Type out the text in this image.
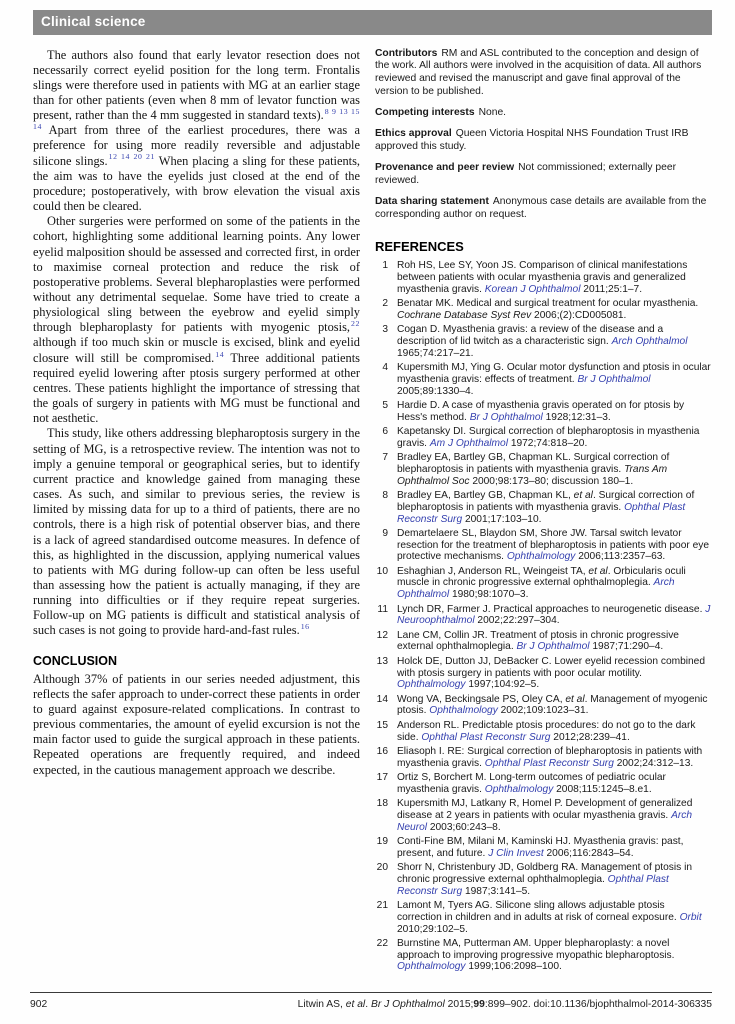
Clinical science

The authors also found that early levator resection does not necessarily correct eyelid position for the long term. Frontalis slings were therefore used in patients with MG at an earlier stage than for other patients (even when 8 mm of levator function was present, rather than the 4 mm suggested in standard texts).$^{8 9 13 15 14}$ Apart from three of the earliest procedures, there was a preference for using more readily reversible and adjustable silicone slings.$^{12 14 20 21}$ When placing a sling for these patients, the aim was to have the eyelids just closed at the end of the procedure; postoperatively, with brow elevation the visual axis could then be cleared.

Other surgeries were performed on some of the patients in the cohort, highlighting some additional learning points. Any lower eyelid malposition should be assessed and corrected first, in order to maximise corneal protection and reduce the risk of postoperative problems. Several blepharoplasties were performed without any detrimental sequelae. Some have tried to create a physiological sling between the eyebrow and eyelid simply through blepharoplasty for patients with myogenic ptosis,$^{22}$ although if too much skin or muscle is excised, blink and eyelid closure will still be compromised.$^{14}$ Three additional patients required eyelid lowering after ptosis surgery performed at other centres. These patients highlight the importance of stressing that the goals of surgery in patients with MG must be functional and not aesthetic.

This study, like others addressing blepharoptosis surgery in the setting of MG, is a retrospective review. The intention was not to imply a genuine temporal or geographical series, but to identify current practice and knowledge gained from managing these cases. As such, and similar to previous series, the review is limited by missing data for up to a third of patients, there are no controls, there is a high risk of potential observer bias, and there is a lack of agreed standardised outcome measures. In defence of this, as highlighted in the discussion, applying numerical values to patients with MG during follow-up can often be less useful than assessing how the patient is actually managing, if they are running into difficulties or if they require repeat surgeries. Follow-up on MG patients is difficult and statistical analysis of such cases is not going to provide hard-and-fast rules.$^{16}$

CONCLUSION

Although 37% of patients in our series needed adjustment, this reflects the safer approach to under-correct these patients in order to guard against exposure-related complications. In contrast to previous commentaries, the amount of eyelid excursion is not the main factor used to guide the surgical approach in these patients. Repeated operations are frequently required, and indeed expected, in the cautious management approach we describe.

Contributors RM and ASL contributed to the conception and design of the work. All authors were involved in the acquisition of data. All authors reviewed and revised the manuscript and gave final approval of the version to be published.

Competing interests None.

Ethics approval Queen Victoria Hospital NHS Foundation Trust IRB approved this study.

Provenance and peer review Not commissioned; externally peer reviewed.

Data sharing statement Anonymous case details are available from the corresponding author on request.

REFERENCES
1 Roh HS, Lee SY, Yoon JS. Comparison of clinical manifestations between patients with ocular myasthenia gravis and generalized myasthenia gravis. Korean J Ophthalmol 2011;25:1–7.
2 Benatar MK. Medical and surgical treatment for ocular myasthenia. Cochrane Database Syst Rev 2006;(2):CD005081.
3 Cogan D. Myasthenia gravis: a review of the disease and a description of lid twitch as a characteristic sign. Arch Ophthalmol 1965;74:217–21.
4 Kupersmith MJ, Ying G. Ocular motor dysfunction and ptosis in ocular myasthenia gravis: effects of treatment. Br J Ophthalmol 2005;89:1330–4.
5 Hardie D. A case of myasthenia gravis operated on for ptosis by Hess's method. Br J Ophthalmol 1928;12:31–3.
6 Kapetansky DI. Surgical correction of blepharoptosis in myasthenia gravis. Am J Ophthalmol 1972;74:818–20.
7 Bradley EA, Bartley GB, Chapman KL. Surgical correction of blepharoptosis in patients with myasthenia gravis. Trans Am Ophthalmol Soc 2000;98:173–80; discussion 180–1.
8 Bradley EA, Bartley GB, Chapman KL, et al. Surgical correction of blepharoptosis in patients with myasthenia gravis. Ophthal Plast Reconstr Surg 2001;17:103–10.
9 Demartelaere SL, Blaydon SM, Shore JW. Tarsal switch levator resection for the treatment of blepharoptosis in patients with poor eye protective mechanisms. Ophthalmology 2006;113:2357–63.
10 Eshaghian J, Anderson RL, Weingeist TA, et al. Orbicularis oculi muscle in chronic progressive external ophthalmoplegia. Arch Ophthalmol 1980;98:1070–3.
11 Lynch DR, Farmer J. Practical approaches to neurogenetic disease. J Neuroophthalmol 2002;22:297–304.
12 Lane CM, Collin JR. Treatment of ptosis in chronic progressive external ophthalmoplegia. Br J Ophthalmol 1987;71:290–4.
13 Holck DE, Dutton JJ, DeBacker C. Lower eyelid recession combined with ptosis surgery in patients with poor ocular motility. Ophthalmology 1997;104:92–5.
14 Wong VA, Beckingsale PS, Oley CA, et al. Management of myogenic ptosis. Ophthalmology 2002;109:1023–31.
15 Anderson RL. Predictable ptosis procedures: do not go to the dark side. Ophthal Plast Reconstr Surg 2012;28:239–41.
16 Eliasoph I. RE: Surgical correction of blepharoptosis in patients with myasthenia gravis. Ophthal Plast Reconstr Surg 2002;24:312–13.
17 Ortiz S, Borchert M. Long-term outcomes of pediatric ocular myasthenia gravis. Ophthalmology 2008;115:1245–8.e1.
18 Kupersmith MJ, Latkany R, Homel P. Development of generalized disease at 2 years in patients with ocular myasthenia gravis. Arch Neurol 2003;60:243–8.
19 Conti-Fine BM, Milani M, Kaminski HJ. Myasthenia gravis: past, present, and future. J Clin Invest 2006;116:2843–54.
20 Shorr N, Christenbury JD, Goldberg RA. Management of ptosis in chronic progressive external ophthalmoplegia. Ophthal Plast Reconstr Surg 1987;3:141–5.
21 Lamont M, Tyers AG. Silicone sling allows adjustable ptosis correction in children and in adults at risk of corneal exposure. Orbit 2010;29:102–5.
22 Burnstine MA, Putterman AM. Upper blepharoplasty: a novel approach to improving progressive myopathic blepharoptosis. Ophthalmology 1999;106:2098–100.
902	Litwin AS, et al. Br J Ophthalmol 2015;99:899–902. doi:10.1136/bjophthalmol-2014-306335
